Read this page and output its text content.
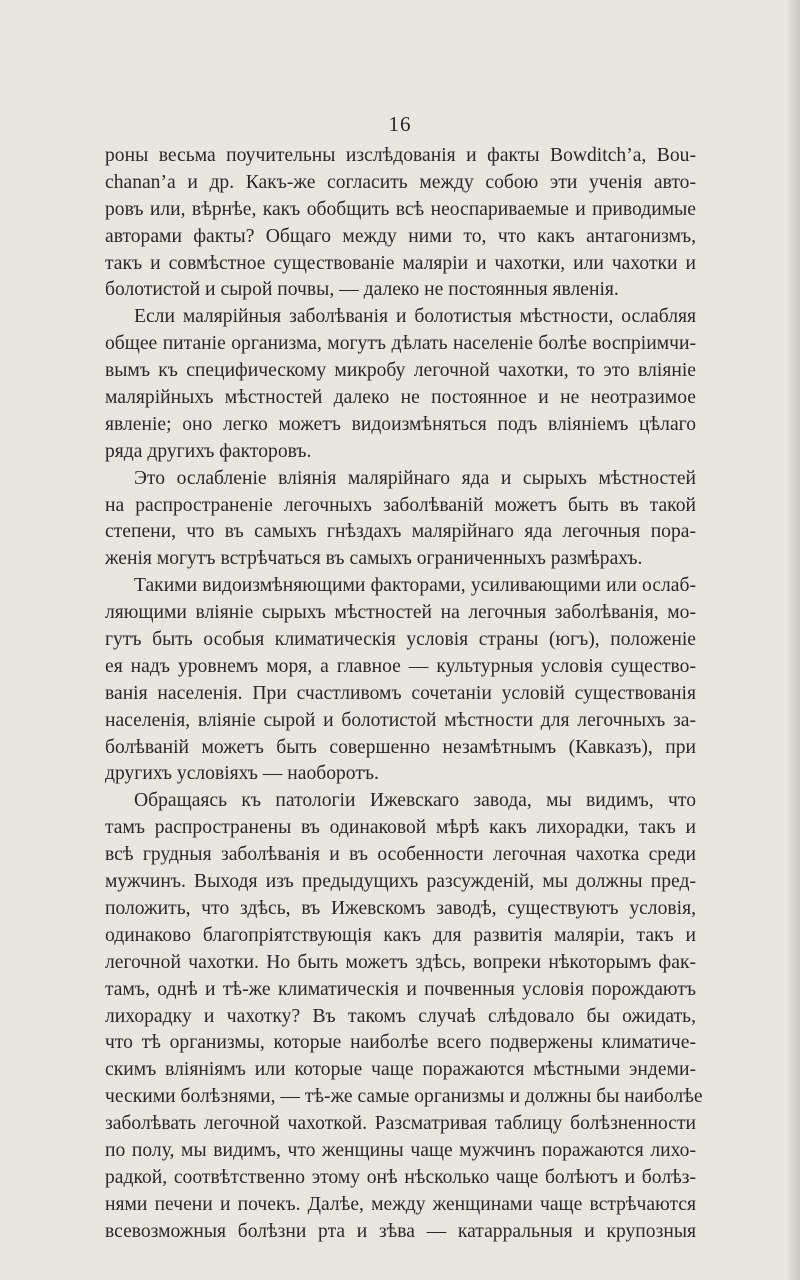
16
роны весьма поучительны изслѣдованія и факты Bowditch’а, Bou-
chanan’а и др. Какъ-же согласить между собою эти ученія авто-
ровъ или, вѣрнѣе, какъ обобщить всѣ неоспариваемые и приводимые
авторами факты? Общаго между ними то, что какъ антагонизмъ,
такъ и совмѣстное существованіе маляріи и чахотки, или чахотки и
болотистой и сырой почвы, — далеко не постоянныя явленія.
Если малярійныя заболѣванія и болотистыя мѣстности, ослабляя
общее питаніе организма, могутъ дѣлать населеніе болѣе воспріимчи-
вымъ къ специфическому микробу легочной чахотки, то это вліяніе
малярійныхъ мѣстностей далеко не постоянное и не неотразимое
явленіе; оно легко можетъ видоизмѣняться подъ вліяніемъ цѣлаго
ряда другихъ факторовъ.
Это ослабленіе вліянія малярійнаго яда и сырыхъ мѣстностей
на распространеніе легочныхъ заболѣваній можетъ быть въ такой
степени, что въ самыхъ гнѣздахъ малярійнаго яда легочныя пора-
женія могутъ встрѣчаться въ самыхъ ограниченныхъ размѣрахъ.
Такими видоизмѣняющими факторами, усиливающими или ослаб-
ляющими вліяніе сырыхъ мѣстностей на легочныя заболѣванія, мо-
гутъ быть особыя климатическія условія страны (югъ), положеніе
ея надъ уровнемъ моря, а главное — культурныя условія существо-
ванія населенія. При счастливомъ сочетаніи условій существованія
населенія, вліяніе сырой и болотистой мѣстности для легочныхъ за-
болѣваній можетъ быть совершенно незамѣтнымъ (Кавказъ), при
другихъ условіяхъ — наоборотъ.
Обращаясь къ патологіи Ижевскаго завода, мы видимъ, что
тамъ распространены въ одинаковой мѣрѣ какъ лихорадки, такъ и
всѣ грудныя заболѣванія и въ особенности легочная чахотка среди
мужчинъ. Выходя изъ предыдущихъ разсужденій, мы должны пред-
положить, что здѣсь, въ Ижевскомъ заводѣ, существуютъ условія,
одинаково благопріятствующія какъ для развитія маляріи, такъ и
легочной чахотки. Но быть можетъ здѣсь, вопреки нѣкоторымъ фак-
тамъ, однѣ и тѣ-же климатическія и почвенныя условія порождаютъ
лихорадку и чахотку? Въ такомъ случаѣ слѣдовало бы ожидать,
что тѣ организмы, которые наиболѣе всего подвержены климатиче-
скимъ вліяніямъ или которые чаще поражаются мѣстными эндеми-
ческими болѣзнями, — тѣ-же самые организмы и должны бы наиболѣе
заболѣвать легочной чахоткой. Разсматривая таблицу болѣзненности
по полу, мы видимъ, что женщины чаще мужчинъ поражаются лихо-
радкой, соотвѣтственно этому онѣ нѣсколько чаще болѣютъ и болѣз-
нями печени и почекъ. Далѣе, между женщинами чаще встрѣчаются
всевозможныя болѣзни рта и зѣва — катарральныя и крупозныя
